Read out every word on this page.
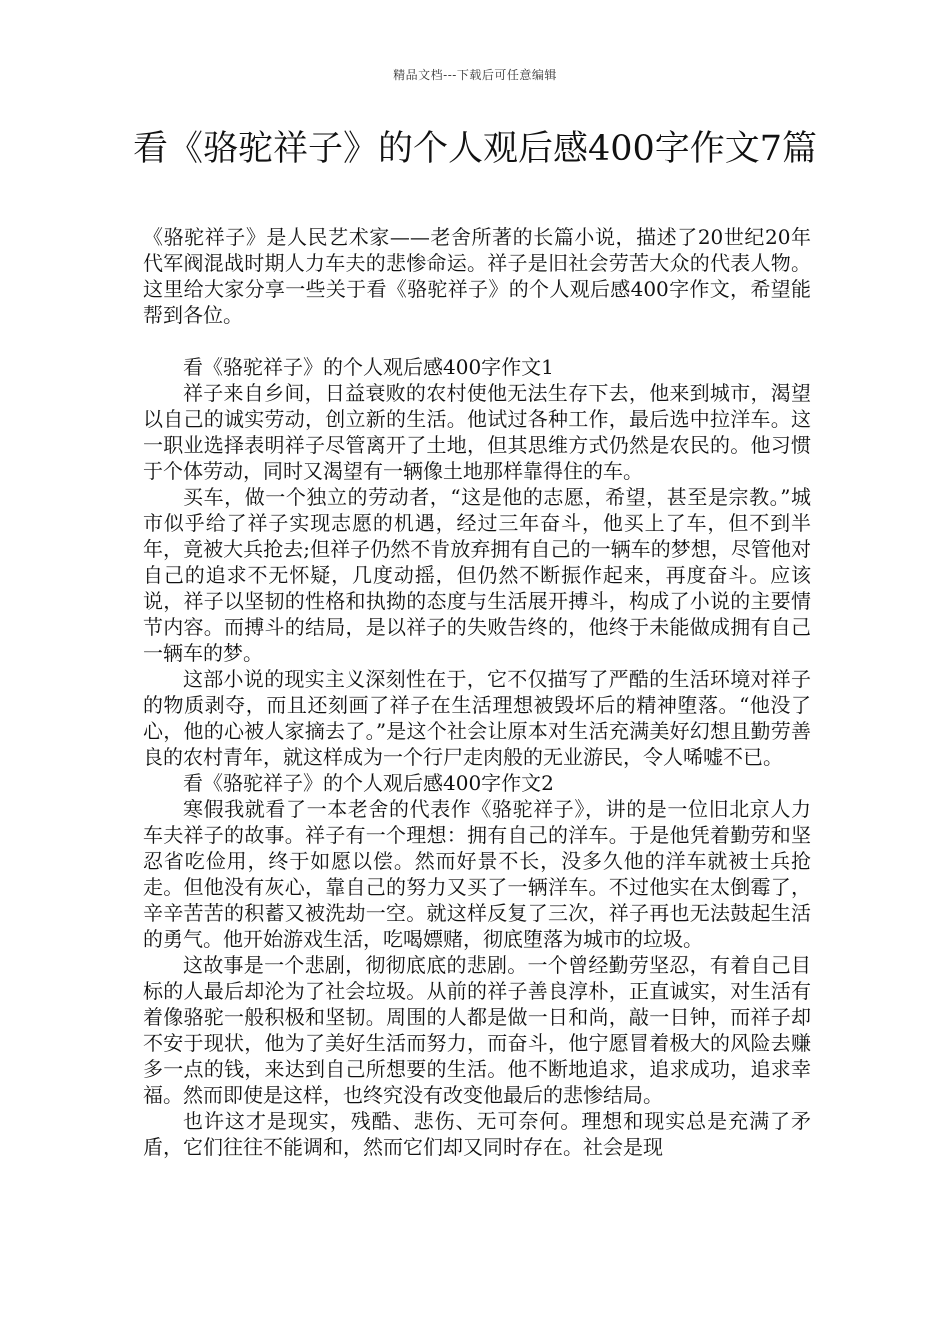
精品文档---下载后可任意编辑
看《骆驼祥子》的个人观后感400字作文7篇

《骆驼祥子》是人民艺术家——老舍所著的长篇小说，描述了20世纪20年代军阀混战时期人力车夫的悲惨命运。祥子是旧社会劳苦大众的代表人物。这里给大家分享一些关于看《骆驼祥子》的个人观后感400字作文，希望能帮到各位。

看《骆驼祥子》的个人观后感400字作文1

祥子来自乡间，日益衰败的农村使他无法生存下去，他来到城市，渴望以自己的诚实劳动，创立新的生活。他试过各种工作，最后选中拉洋车。这一职业选择表明祥子尽管离开了土地，但其思维方式仍然是农民的。他习惯于个体劳动，同时又渴望有一辆像土地那样靠得住的车。

买车，做一个独立的劳动者，“这是他的志愿，希望，甚至是宗教。”城市似乎给了祥子实现志愿的机遇，经过三年奋斗，他买上了车，但不到半年，竟被大兵抢去;但祥子仍然不肯放弃拥有自己的一辆车的梦想，尽管他对自己的追求不无怀疑，几度动摇，但仍然不断振作起来，再度奋斗。应该说，祥子以坚韧的性格和执拗的态度与生活展开搏斗，构成了小说的主要情节内容。而搏斗的结局，是以祥子的失败告终的，他终于未能做成拥有自己一辆车的梦。

这部小说的现实主义深刻性在于，它不仅描写了严酷的生活环境对祥子的物质剥夺，而且还刻画了祥子在生活理想被毁坏后的精神堕落。“他没了心，他的心被人家摘去了。”是这个社会让原本对生活充满美好幻想且勤劳善良的农村青年，就这样成为一个行尸走肉般的无业游民，令人唏嘘不已。

看《骆驼祥子》的个人观后感400字作文2

寒假我就看了一本老舍的代表作《骆驼祥子》，讲的是一位旧北京人力车夫祥子的故事。祥子有一个理想：拥有自己的洋车。于是他凭着勤劳和坚忍省吃俭用，终于如愿以偿。然而好景不长，没多久他的洋车就被士兵抢走。但他没有灰心，靠自己的努力又买了一辆洋车。不过他实在太倒霉了，辛辛苦苦的积蓄又被洗劫一空。就这样反复了三次，祥子再也无法鼓起生活的勇气。他开始游戏生活，吃喝嫖赌，彻底堕落为城市的垃圾。

这故事是一个悲剧，彻彻底底的悲剧。一个曾经勤劳坚忍，有着自己目标的人最后却沦为了社会垃圾。从前的祥子善良淳朴，正直诚实，对生活有着像骆驼一般积极和坚韧。周围的人都是做一日和尚，敲一日钟，而祥子却不安于现状，他为了美好生活而努力，而奋斗，他宁愿冒着极大的风险去赚多一点的钱，来达到自己所想要的生活。他不断地追求，追求成功，追求幸福。然而即使是这样，也终究没有改变他最后的悲惨结局。

也许这才是现实，残酷、悲伤、无可奈何。理想和现实总是充满了矛盾，它们往往不能调和，然而它们却又同时存在。社会是现
